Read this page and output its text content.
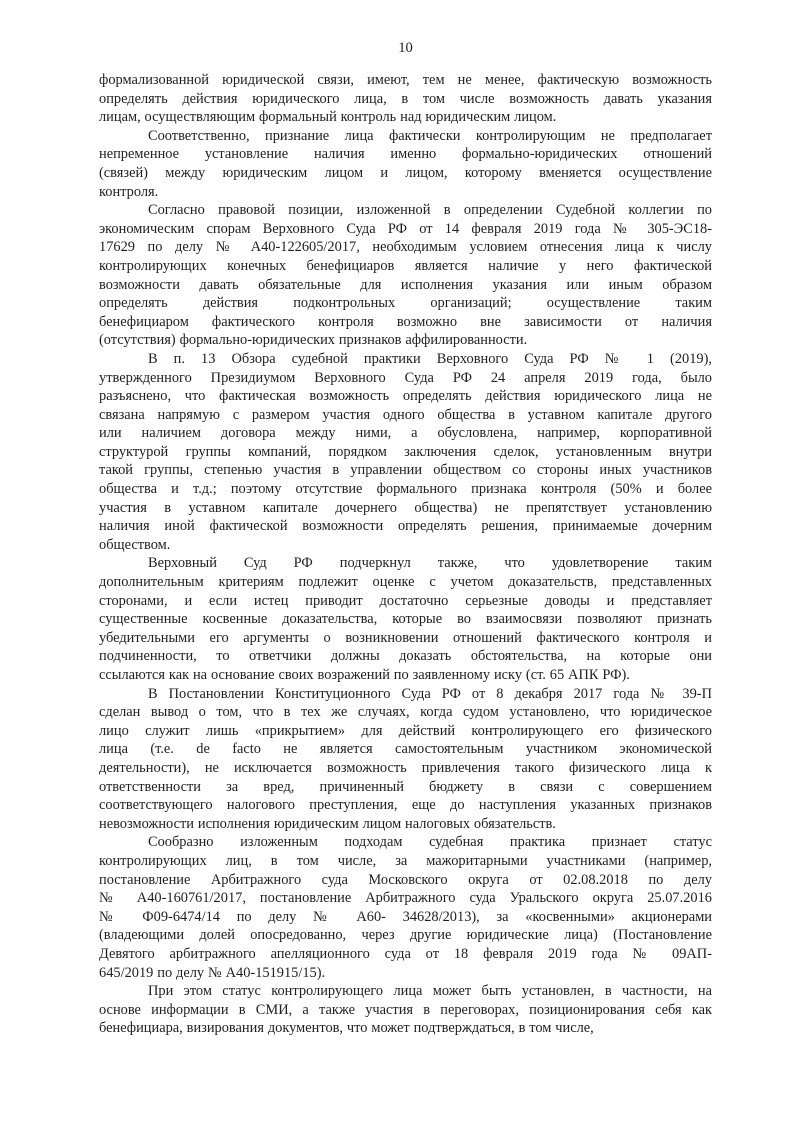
10
формализованной юридической связи, имеют, тем не менее, фактическую возможность
определять действия юридического лица, в том числе возможность давать указания
лицам, осуществляющим формальный контроль над юридическим лицом.
Соответственно, признание лица фактически контролирующим не предполагает
непременное установление наличия именно формально-юридических отношений
(связей) между юридическим лицом и лицом, которому вменяется осуществление
контроля.
Согласно правовой позиции, изложенной в определении Судебной коллегии по
экономическим спорам Верховного Суда РФ от 14 февраля 2019 года № 305-ЭС18-
17629 по делу № А40-122605/2017, необходимым условием отнесения лица к числу
контролирующих конечных бенефициаров является наличие у него фактической
возможности давать обязательные для исполнения указания или иным образом
определять действия подконтрольных организаций; осуществление таким
бенефициаром фактического контроля возможно вне зависимости от наличия
(отсутствия) формально-юридических признаков аффилированности.
В п. 13 Обзора судебной практики Верховного Суда РФ № 1 (2019),
утвержденного Президиумом Верховного Суда РФ 24 апреля 2019 года, было
разъяснено, что фактическая возможность определять действия юридического лица не
связана напрямую с размером участия одного общества в уставном капитале другого
или наличием договора между ними, а обусловлена, например, корпоративной
структурой группы компаний, порядком заключения сделок, установленным внутри
такой группы, степенью участия в управлении обществом со стороны иных участников
общества и т.д.; поэтому отсутствие формального признака контроля (50% и более
участия в уставном капитале дочернего общества) не препятствует установлению
наличия иной фактической возможности определять решения, принимаемые дочерним
обществом.
Верховный Суд РФ подчеркнул также, что удовлетворение таким
дополнительным критериям подлежит оценке с учетом доказательств, представленных
сторонами, и если истец приводит достаточно серьезные доводы и представляет
существенные косвенные доказательства, которые во взаимосвязи позволяют признать
убедительными его аргументы о возникновении отношений фактического контроля и
подчиненности, то ответчики должны доказать обстоятельства, на которые они
ссылаются как на основание своих возражений по заявленному иску (ст. 65 АПК РФ).
В Постановлении Конституционного Суда РФ от 8 декабря 2017 года № 39-П
сделан вывод о том, что в тех же случаях, когда судом установлено, что юридическое
лицо служит лишь «прикрытием» для действий контролирующего его физического
лица (т.е. de facto не является самостоятельным участником экономической
деятельности), не исключается возможность привлечения такого физического лица к
ответственности за вред, причиненный бюджету в связи с совершением
соответствующего налогового преступления, еще до наступления указанных признаков
невозможности исполнения юридическим лицом налоговых обязательств.
Сообразно изложенным подходам судебная практика признает статус
контролирующих лиц, в том числе, за мажоритарными участниками (например,
постановление Арбитражного суда Московского округа от 02.08.2018 по делу
№ А40-160761/2017, постановление Арбитражного суда Уральского округа 25.07.2016
№ Ф09-6474/14 по делу № А60- 34628/2013), за «косвенными» акционерами
(владеющими долей опосредованно, через другие юридические лица) (Постановление
Девятого арбитражного апелляционного суда от 18 февраля 2019 года № 09АП-
645/2019 по делу № А40-151915/15).
При этом статус контролирующего лица может быть установлен, в частности, на
основе информации в СМИ, а также участия в переговорах, позиционирования себя как
бенефициара, визирования документов, что может подтверждаться, в том числе,
